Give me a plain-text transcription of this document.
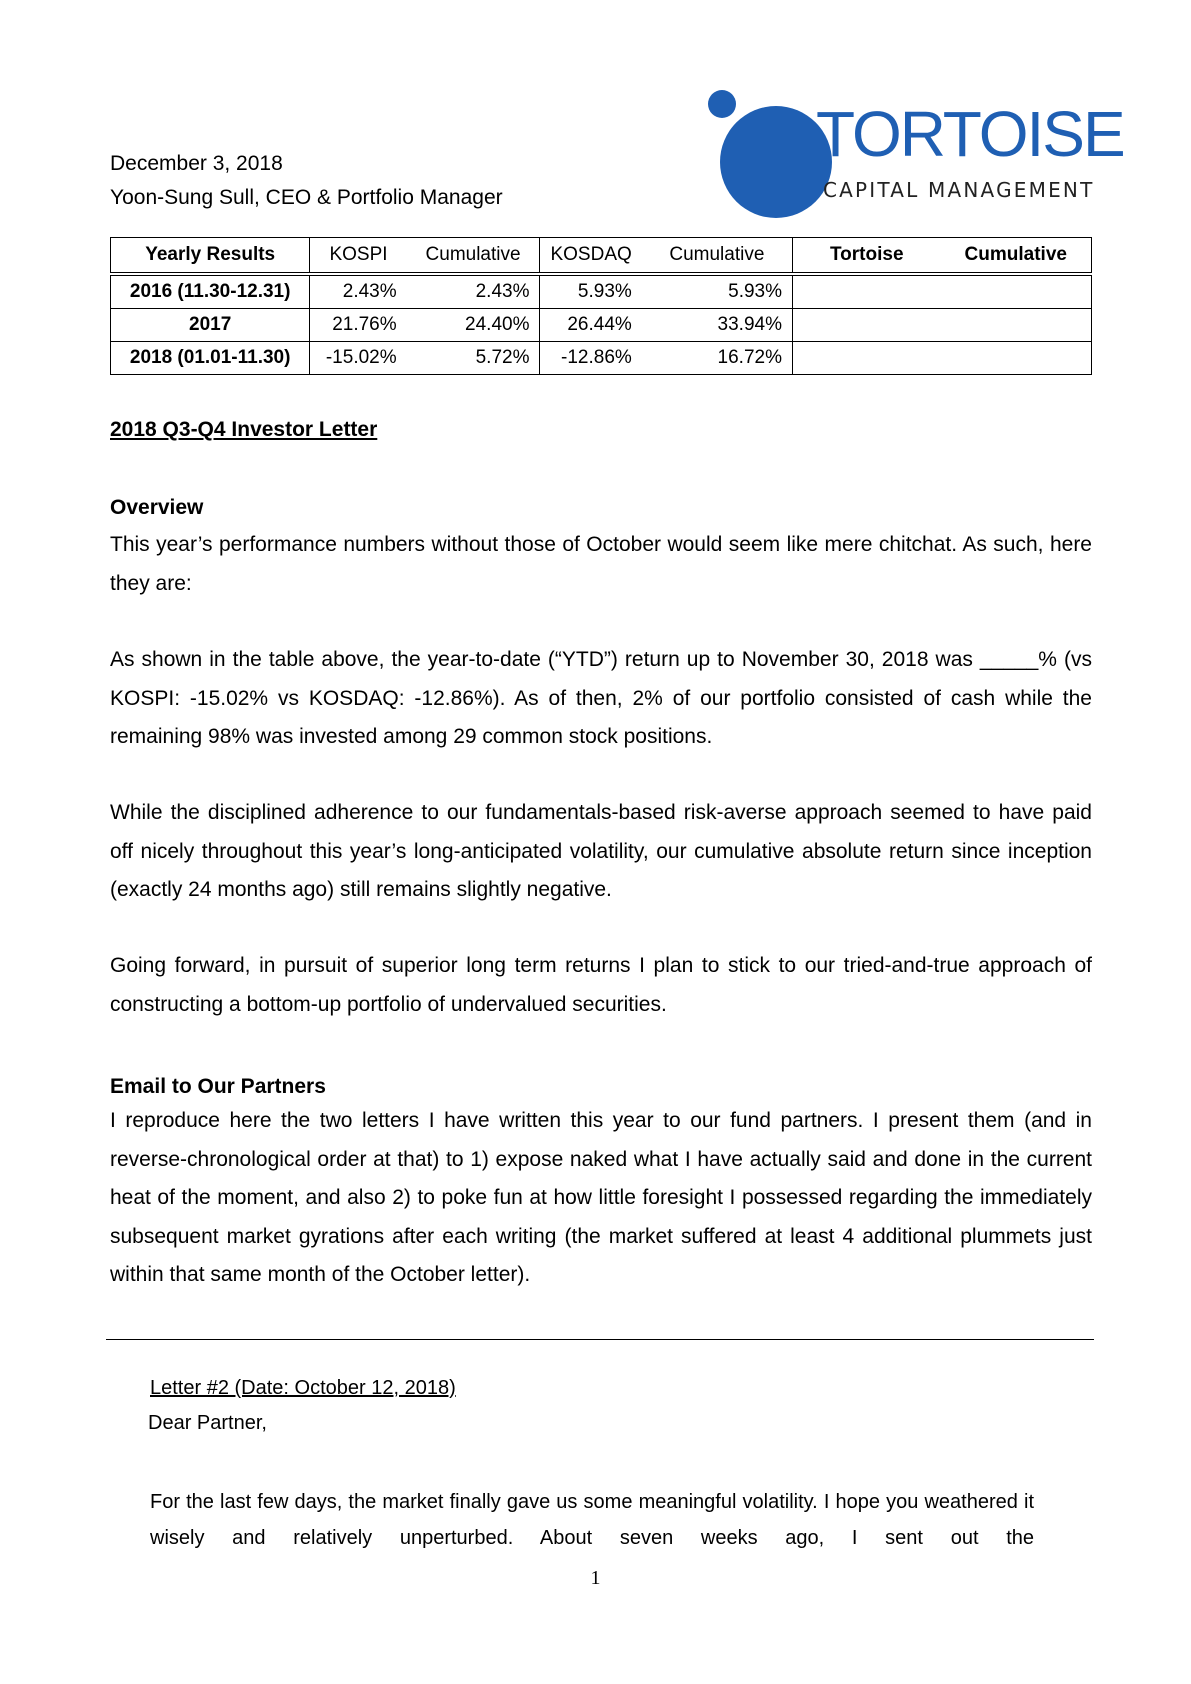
TORTOISE
CAPITAL MANAGEMENT
December 3, 2018
Yoon-Sung Sull, CEO & Portfolio Manager
Yearly Results	KOSPI	Cumulative	KOSDAQ	Cumulative	Tortoise	Cumulative
2016 (11.30-12.31)	2.43%	2.43%	5.93%	5.93%		
2017	21.76%	24.40%	26.44%	33.94%		
2018 (01.01-11.30)	-15.02%	5.72%	-12.86%	16.72%		
2018 Q3-Q4 Investor Letter
Overview
This year’s performance numbers without those of October would seem like mere chitchat. As such, here they are:
As shown in the table above, the year-to-date (“YTD”) return up to November 30, 2018 was _____% (vs KOSPI: -15.02% vs KOSDAQ: -12.86%). As of then, 2% of our portfolio consisted of cash while the remaining 98% was invested among 29 common stock positions.
While the disciplined adherence to our fundamentals-based risk-averse approach seemed to have paid off nicely throughout this year’s long-anticipated volatility, our cumulative absolute return since inception (exactly 24 months ago) still remains slightly negative.
Going forward, in pursuit of superior long term returns I plan to stick to our tried-and-true approach of constructing a bottom-up portfolio of undervalued securities.
Email to Our Partners
I reproduce here the two letters I have written this year to our fund partners. I present them (and in reverse-chronological order at that) to 1) expose naked what I have actually said and done in the current heat of the moment, and also 2) to poke fun at how little foresight I possessed regarding the immediately subsequent market gyrations after each writing (the market suffered at least 4 additional plummets just within that same month of the October letter).
Letter #2 (Date: October 12, 2018)
Dear Partner,
For the last few days, the market finally gave us some meaningful volatility. I hope you weathered it wisely and relatively unperturbed. About seven weeks ago, I sent out the
1
